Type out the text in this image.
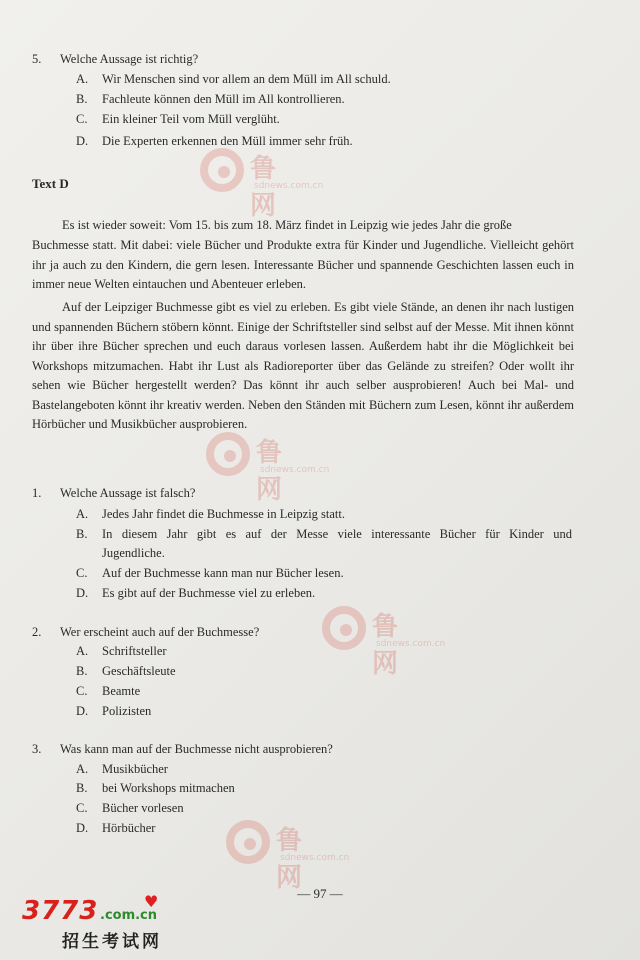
5. Welche Aussage ist richtig?
A. Wir Menschen sind vor allem an dem Müll im All schuld.
B. Fachleute können den Müll im All kontrollieren.
C. Ein kleiner Teil vom Müll verglüht.
D. Die Experten erkennen den Müll immer sehr früh.
Text D
Es ist wieder soweit: Vom 15. bis zum 18. März findet in Leipzig wie jedes Jahr die große
Buchmesse statt. Mit dabei: viele Bücher und Produkte extra für Kinder und Jugendliche. Vielleicht gehört ihr ja auch zu den Kindern, die gern lesen. Interessante Bücher und spannende Geschichten lassen euch in immer neue Welten eintauchen und Abenteuer erleben.
Auf der Leipziger Buchmesse gibt es viel zu erleben. Es gibt viele Stände, an denen ihr nach lustigen und spannenden Büchern stöbern könnt. Einige der Schriftsteller sind selbst auf der Messe. Mit ihnen könnt ihr über ihre Bücher sprechen und euch daraus vorlesen lassen. Außerdem habt ihr die Möglichkeit bei Workshops mitzumachen. Habt ihr Lust als Radioreporter über das Gelände zu streifen? Oder wollt ihr sehen wie Bücher hergestellt werden? Das könnt ihr auch selber ausprobieren! Auch bei Mal- und Bastelangeboten könnt ihr kreativ werden. Neben den Ständen mit Büchern zum Lesen, könnt ihr außerdem Hörbücher und Musikbücher ausprobieren.
1. Welche Aussage ist falsch?
A. Jedes Jahr findet die Buchmesse in Leipzig statt.
B. In diesem Jahr gibt es auf der Messe viele interessante Bücher für Kinder und
Jugendliche.
C. Auf der Buchmesse kann man nur Bücher lesen.
D. Es gibt auf der Buchmesse viel zu erleben.
2. Wer erscheint auch auf der Buchmesse?
A. Schriftsteller
B. Geschäftsleute
C. Beamte
D. Polizisten
3. Was kann man auf der Buchmesse nicht ausprobieren?
A. Musikbücher
B. bei Workshops mitmachen
C. Bücher vorlesen
D. Hörbücher
— 97 —
鲁网
sdnews.com.cn
鲁网
sdnews.com.cn
鲁网
sdnews.com.cn
鲁网
sdnews.com.cn
3773 .com.cn
♥
招生考试网
